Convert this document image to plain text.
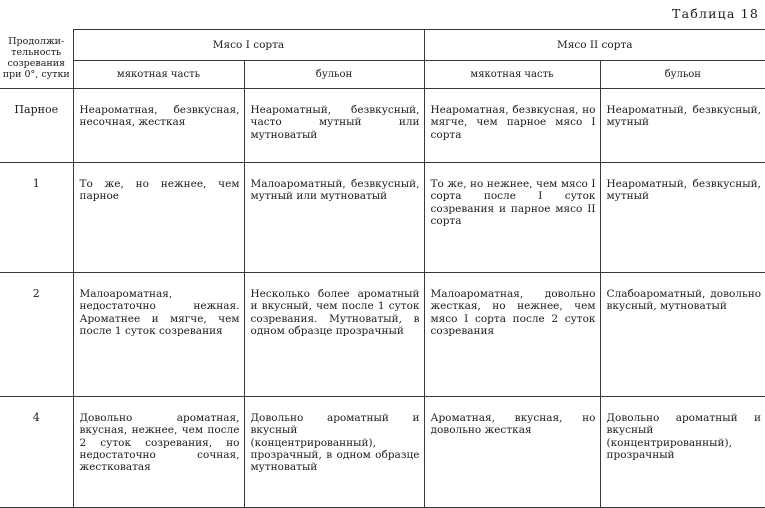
Таблица 18
Продолжи-тельность созревания при 0°, сутки	Мясо I сорта		Мясо II сорта	
	мякотная часть	бульон	мякотная часть	бульон
Парное	Неароматная, безвкусная, несочная, жесткая	Неароматный, безвкусный, часто мутный или мутноватый	Неароматная, безвкусная, но мягче, чем парное мясо I сорта	Неароматный, безвкусный, мутный
1	То же, но нежнее, чем парное	Малоароматный, безвкусный, мутный или мутноватый	То же, но нежнее, чем мясо I сорта после I суток созревания и парное мясо II сорта	Неароматный, безвкусный, мутный
2	Малоароматная, недостаточно нежная. Ароматнее и мягче, чем после 1 суток созревания	Несколько более ароматный и вкусный, чем после 1 суток созревания. Мутноватый, в одном образце прозрачный	Малоароматная, довольно жесткая, но нежнее, чем мясо I сорта после 2 суток созревания	Слабоароматный, довольно вкусный, мутноватый
4	Довольно ароматная, вкусная, нежнее, чем после 2 суток созревания, но недостаточно сочная, жестковатая	Довольно ароматный и вкусный (концентрированный), прозрачный, в одном образце мутноватый	Ароматная, вкусная, но довольно жесткая	Довольно ароматный и вкусный (концентрированный), прозрачный
